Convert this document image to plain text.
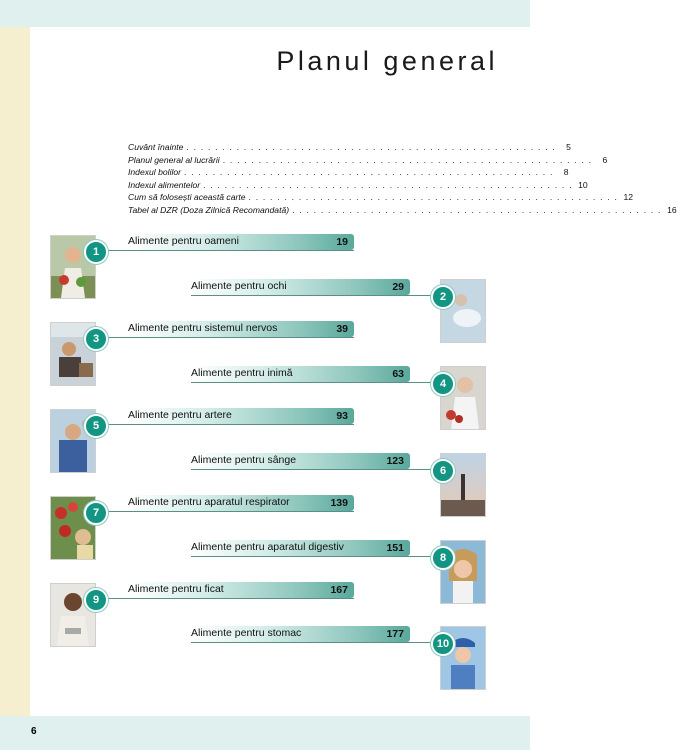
6
Planul general
Cuvânt înainte . . . . . . . . . . . . . . . . . . . . . . . . . . . . . . . . . . . . . . . . . . . . . . . . . . . .	5
Planul general al lucrării . . . . . . . . . . . . . . . . . . . . . . . . . . . . . . . . . . . . . . . . . . . . . . . . . . . .	6
Indexul bolilor . . . . . . . . . . . . . . . . . . . . . . . . . . . . . . . . . . . . . . . . . . . . . . . . . . . .	8
Indexul alimentelor . . . . . . . . . . . . . . . . . . . . . . . . . . . . . . . . . . . . . . . . . . . . . . . . . . . . 10
Cum să folosești această carte . . . . . . . . . . . . . . . . . . . . . . . . . . . . . . . . . . . . . . . . . . . . . . . . . . . . 12
Tabel al DZR (Doza Zilnică Recomandată) . . . . . . . . . . . . . . . . . . . . . . . . . . . . . . . . . . . . . . . . . . . . . . . . . . . . 16
Alimente pentru oameni	19
1
Alimente pentru ochi	29
2
Alimente pentru sistemul nervos	39
3
Alimente pentru inimă	63
4
Alimente pentru artere	93
5
Alimente pentru sânge	123
6
Alimente pentru aparatul respirator	139
7
Alimente pentru aparatul digestiv	151
8
Alimente pentru ficat	167
9
Alimente pentru stomac	177
10
